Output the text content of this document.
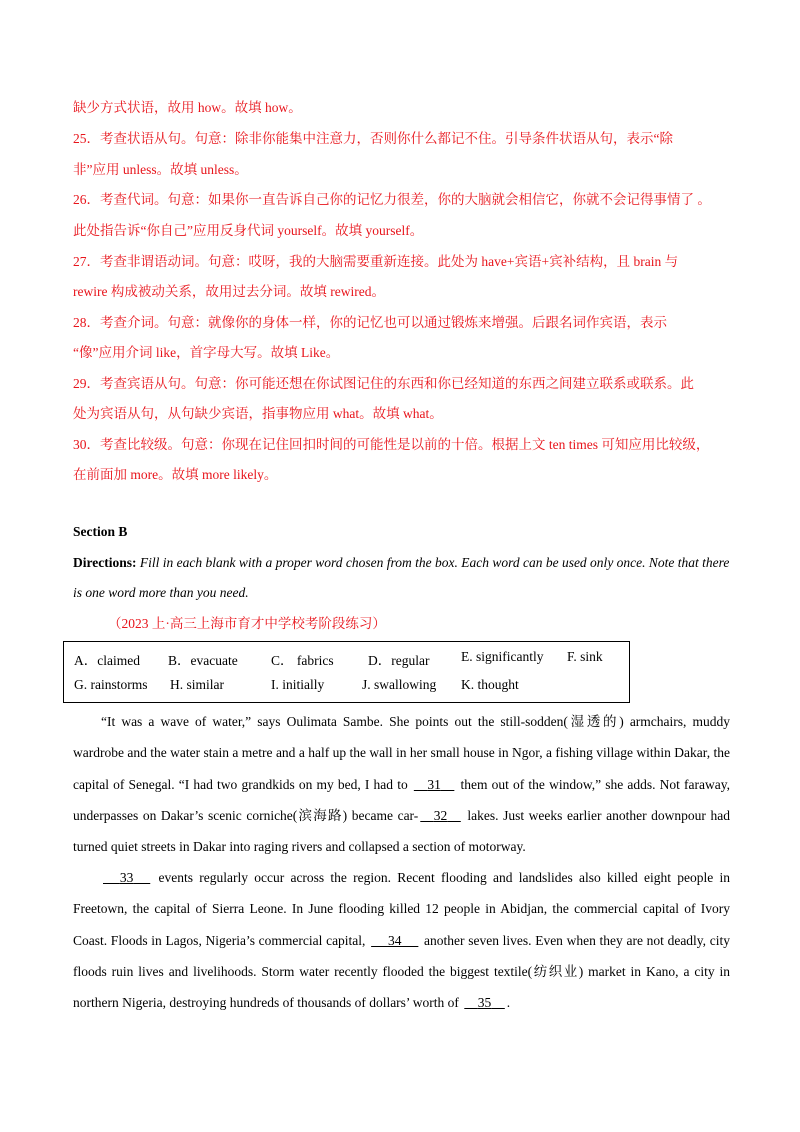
缺少方式状语，故用 how。故填 how。
25．考查状语从句。句意：除非你能集中注意力，否则你什么都记不住。引导条件状语从句，表示“除
非”应用 unless。故填 unless。
26．考查代词。句意：如果你一直告诉自己你的记忆力很差，你的大脑就会相信它，你就不会记得事情了 。
此处指告诉“你自己”应用反身代词 yourself。故填 yourself。
27．考查非谓语动词。句意：哎呀，我的大脑需要重新连接。此处为 have+宾语+宾补结构，且 brain 与
rewire 构成被动关系，故用过去分词。故填 rewired。
28．考查介词。句意：就像你的身体一样，你的记忆也可以通过锻炼来增强。后跟名词作宾语，表示
“像”应用介词 like，首字母大写。故填 Like。
29．考查宾语从句。句意：你可能还想在你试图记住的东西和你已经知道的东西之间建立联系或联系。此
处为宾语从句，从句缺少宾语，指事物应用 what。故填 what。
30．考查比较级。句意：你现在记住回扣时间的可能性是以前的十倍。根据上文 ten times 可知应用比较级，
在前面加 more。故填 more likely。
Section B
Directions: Fill in each blank with a proper word chosen from the box. Each word can be used only once. Note that there is one word more than you need.
（2023 上·高三上海市育才中学校考阶段练习）
A．claimed B．evacuate C． fabrics	D．regular E. significantly F. sink
G. rainstorms H. similar	I. initially	J. swallowing K. thought
“It was a wave of water,” says Oulimata Sambe. She points out the still-sodden(湿透的) armchairs, muddy wardrobe and the water stain a metre and a half up the wall in her small house in Ngor, a fishing village within Dakar, the capital of Senegal. “I had two grandkids on my bed, I had to     31     them out of the window,” she adds. Not faraway, underpasses on Dakar’s scenic corniche(滨海路) became car- 32     lakes. Just weeks earlier another downpour had turned quiet streets in Dakar into raging rivers and collapsed a section of motorway.
33      events regularly occur across the region. Recent flooding and landslides also killed eight people in Freetown, the capital of Sierra Leone. In June flooding killed 12 people in Abidjan, the commercial capital of Ivory Coast. Floods in Lagos, Nigeria’s commercial capital,      34      another seven lives. Even when they are not deadly, city floods ruin lives and livelihoods. Storm water recently flooded the biggest textile(纺织业) market in Kano, a city in northern Nigeria, destroying hundreds of thousands of dollars’ worth of     35 .
